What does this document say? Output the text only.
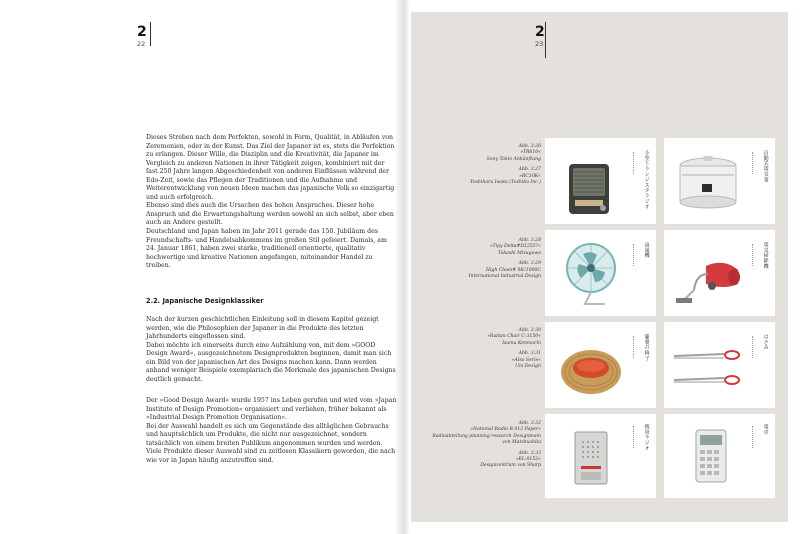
2
22

Dieses Streben nach dem Perfekten, sowohl in Form, Qualität, in Abläufen von Zeremonien, oder in der Kunst. Das Ziel der Japaner ist es, stets die Perfektion zu erlangen. Dieser Wille, die Disziplin und die Kreativität, die Japaner im Vergleich zu anderen Nationen in ihrer Tätigkeit zeigen, kombiniert mit der fast 250 Jahre langen Abgeschiedenheit von anderen Einflüssen während der Edo-Zeit, sowie das Pflegen der Traditionen und die Aufnahme und Weiterentwicklung von neuen Ideen machen das japanische Volk so einzigartig und auch erfolgreich.

Ebenso sind dies auch die Ursachen des hohen Anspruches. Dieser hohe Anspruch und die Erwartungshaltung werden sowohl an sich selbst, aber eben auch an Andere gestellt.

Deutschland und Japan haben im Jahr 2011 gerade das 150. Jubiläum des Freundschafts- und Handelsabkommens im großen Stil gefeiert. Damals, am 24. Januar 1861, haben zwei starke, traditionell orientierte, qualitativ hochwertige und kreative Nationen angefangen, miteinander Handel zu treiben.

2.2. Japanische Designklassiker

Nach der kurzen geschichtlichen Einleitung soll in diesem Kapitel gezeigt werden, wie die Philosophien der Japaner in die Produkte des letzten Jahrhunderts eingeflossen sind.

Dabei möchte ich einerseits durch eine Aufzählung von, mit dem »GOOD Design Award«, ausgezeichnetem Designprodukten beginnen, damit man sich ein Bild von der japanischen Art des Designs machen kann. Dann werden anhand weniger Beispiele exemplarisch die Merkmale des japanischen Designs deutlich gemacht.

Der »Good Design Award« wurde 1957 ins Leben gerufen und wird vom »Japan Institute of Design Promotion« organisiert und verliehen, früher bekannt als »Industrial Design Promotion Organisation«.

Bei der Auswahl handelt es sich um Gegenstände des alltäglichen Gebrauchs und hauptsächlich um Produkte, die nicht nur ausgezeichnet, sondern tatsächlich von einem breiten Publikum angenommen wurden und werden. Viele Produkte dieser Auswahl sind zu zeitlosen Klassikern geworden, die nach wie vor in Japan häufig anzutreffen sind.

2
23
Abb. 3.26
»TR610«
Sony Tokio Ankünftung
Abb. 3.27
»RC10K«
Yoshiharu Iwata (Toshiba Inc.)
Abb. 3.28
»Tipy Delta#D1255?«
Takashi Mizugawa
Abb. 3.29
High Clean# MC1000C
International Industrial Design
Abb. 3.30
»Rattan Chair C-3150«
Isamu Kenmochi
Abb. 3.31
»Also Serie«
Uni Design
Abb. 3.32
»National Radio R-012 Paper«
Radioabteilung planning-research Designteam
von Matshushita
Abb. 3.33
»EL-8152«
Designzentrum von Sharp
小型トランジスタラジオ	自動式電気釜
扇風機	電気掃除機
籐製の椅子	はさみ
携帯ラジオ	電卓
